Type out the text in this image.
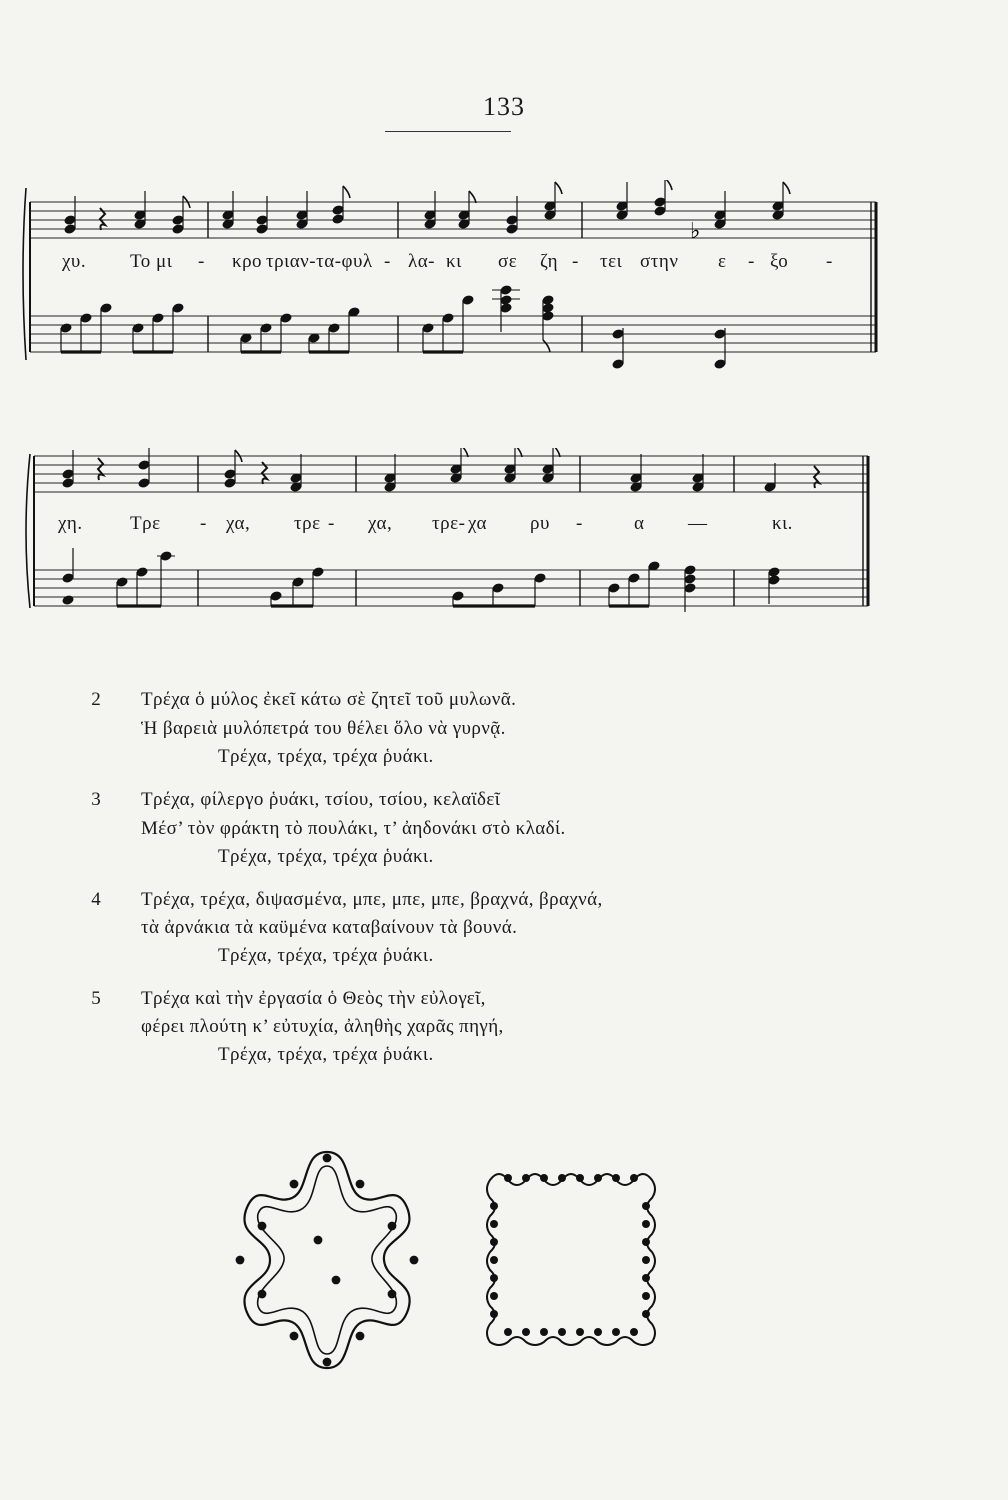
133
♭
χυ. Το μι - κρο τριαν-τα-φυλ - λα- κι σε ζη - τει στην ε - ξο -
χη. Τρε - χα, τρε - χα, τρε- χα ρυ -	α —	κι.
2 Τρέχα ὁ μύλος ἐκεῖ κάτω σὲ ζητεῖ τοῦ μυλωνᾶ.
Ἡ βαρειὰ μυλόπετρά του θέλει ὅλο νὰ γυρνᾷ.
Τρέχα, τρέχα, τρέχα ῥυάκι.
3 Τρέχα, φίλεργο ῥυάκι, τσίου, τσίου, κελαϊδεῖ
Μέσ’ τὸν φράκτη τὸ πουλάκι, τ’ ἀηδονάκι στὸ κλαδί.
Τρέχα, τρέχα, τρέχα ῥυάκι.
4 Τρέχα, τρέχα, διψασμένα, μπε, μπε, μπε, βραχνά, βραχνά,
τὰ ἀρνάκια τὰ καϋμένα καταβαίνουν τὰ βουνά.
Τρέχα, τρέχα, τρέχα ῥυάκι.
5 Τρέχα καὶ τὴν ἐργασία ὁ Θεὸς τὴν εὐλογεῖ,
φέρει πλούτη κ’ εὐτυχία, ἀληθὴς χαρᾶς πηγή,
Τρέχα, τρέχα, τρέχα ῥυάκι.
